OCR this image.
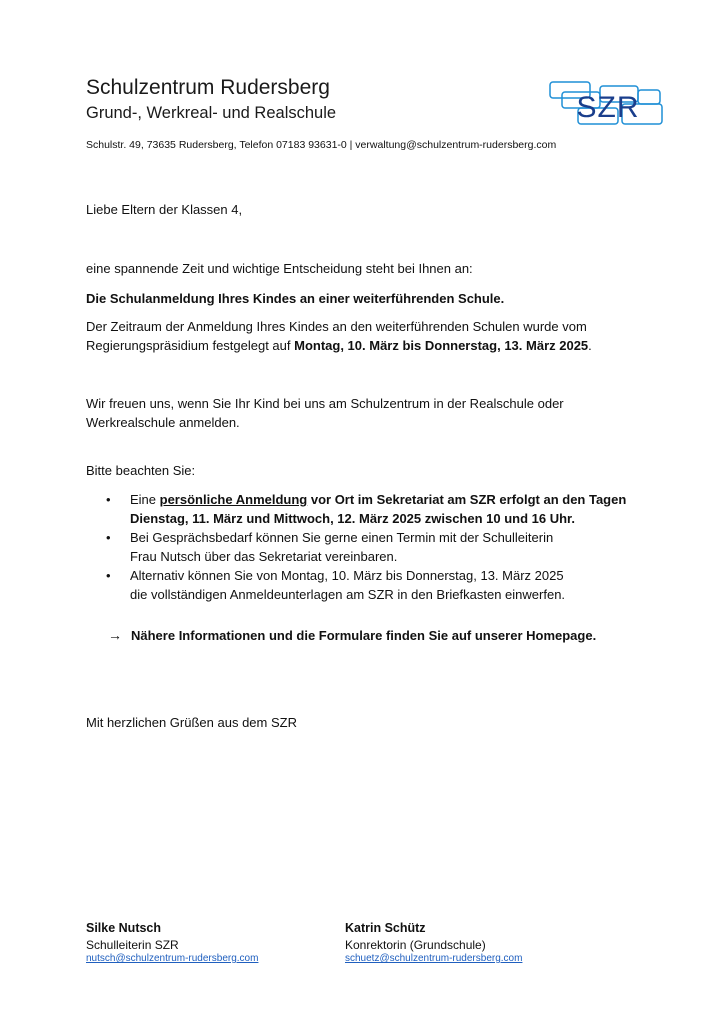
Schulzentrum Rudersberg
Grund-, Werkreal- und Realschule
Schulstr. 49, 73635 Rudersberg, Telefon 07183 93631-0 | verwaltung@schulzentrum-rudersberg.com
SZR
Liebe Eltern der Klassen 4,
eine spannende Zeit und wichtige Entscheidung steht bei Ihnen an:
Die Schulanmeldung Ihres Kindes an einer weiterführenden Schule.
Der Zeitraum der Anmeldung Ihres Kindes an den weiterführenden Schulen wurde vom
Regierungspräsidium festgelegt auf Montag, 10. März bis Donnerstag, 13. März 2025.
Wir freuen uns, wenn Sie Ihr Kind bei uns am Schulzentrum in der Realschule oder
Werkrealschule anmelden.
Bitte beachten Sie:
• Eine persönliche Anmeldung vor Ort im Sekretariat am SZR erfolgt an den Tagen
Dienstag, 11. März und Mittwoch, 12. März 2025 zwischen 10 und 16 Uhr.
• Bei Gesprächsbedarf können Sie gerne einen Termin mit der Schulleiterin
Frau Nutsch über das Sekretariat vereinbaren.
• Alternativ können Sie von Montag, 10. März bis Donnerstag, 13. März 2025
die vollständigen Anmeldeunterlagen am SZR in den Briefkasten einwerfen.
→ Nähere Informationen und die Formulare finden Sie auf unserer Homepage.
Mit herzlichen Grüßen aus dem SZR
Silke Nutsch
Schulleiterin SZR
nutsch@schulzentrum-rudersberg.com
Katrin Schütz
Konrektorin (Grundschule)
schuetz@schulzentrum-rudersberg.com
